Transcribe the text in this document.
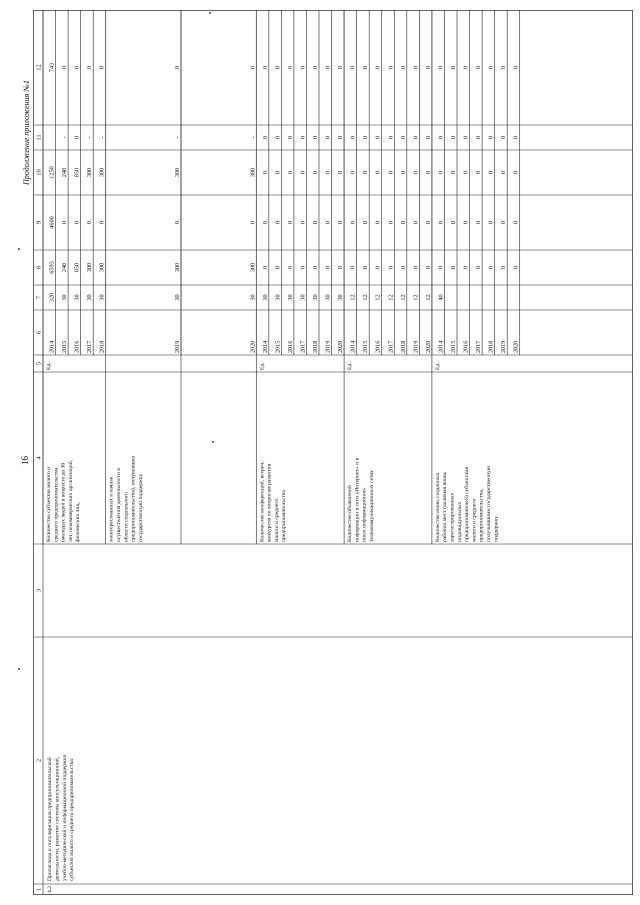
16
Продолжение приложения №1
1
2
3
4
5
6
7
8
9
10
11
12
4.2
Пропаганда и популяризация предпринимательской деятельности, развитие системы консультационной, учебно-методической и информационной поддержки субъектов малого и среднего предпринимательства:
Количество субъектов малого и среднего предпринимательства (молодых людей в возрасте до 30 лет, некоммерческих организаций, физических лиц,
Ед.
2014
320
6593
4600
1250
743
2015
30
248
0
248
-
0
2016
30
850
0
850
0
0
2017
30
300
0
300
-
0
2018
30
300
0
300
-
0
заинтересованных в начале осуществления деятельности в области социального предпринимательства), получивших государственную поддержку
2019
30
300
0
300
-
0
2020
30
300
0
300
-
0
Количество конференций, встреч, конкурсов по вопросам развития малого и среднего предпринимательства
Ед.
2014
30
0
0
0
0
0
2015
30
0
0
0
0
0
2016
30
0
0
0
0
0
2017
30
0
0
0
0
0
2018
30
0
0
0
0
0
2019
30
0
0
0
0
0
2020
30
0
0
0
0
0
Количество объявлений информации в сети «Интернет» и в иных информационно- телекоммуникационных сетях
Ед.
2014
12
0
0
0
0
0
2015
12
0
0
0
0
0
2016
12
0
0
0
0
0
2017
12
0
0
0
0
0
2018
12
0
0
0
0
0
2019
12
0
0
0
0
0
2020
12
0
0
0
0
0
Количество вновь созданных рабочих мест (включая вновь зарегистрированных индивидуальных предпринимателей) субъектами малого и среднего предпринимательства, получившими государственную поддержку
Ед.
2014
40
0
0
0
0
0
2015
0
0
0
0
0
2016
0
0
0
0
0
2017
0
0
0
0
0
2018
0
0
0
0
0
2019
0
0
0
0
0
2020
0
0
0
0
0
